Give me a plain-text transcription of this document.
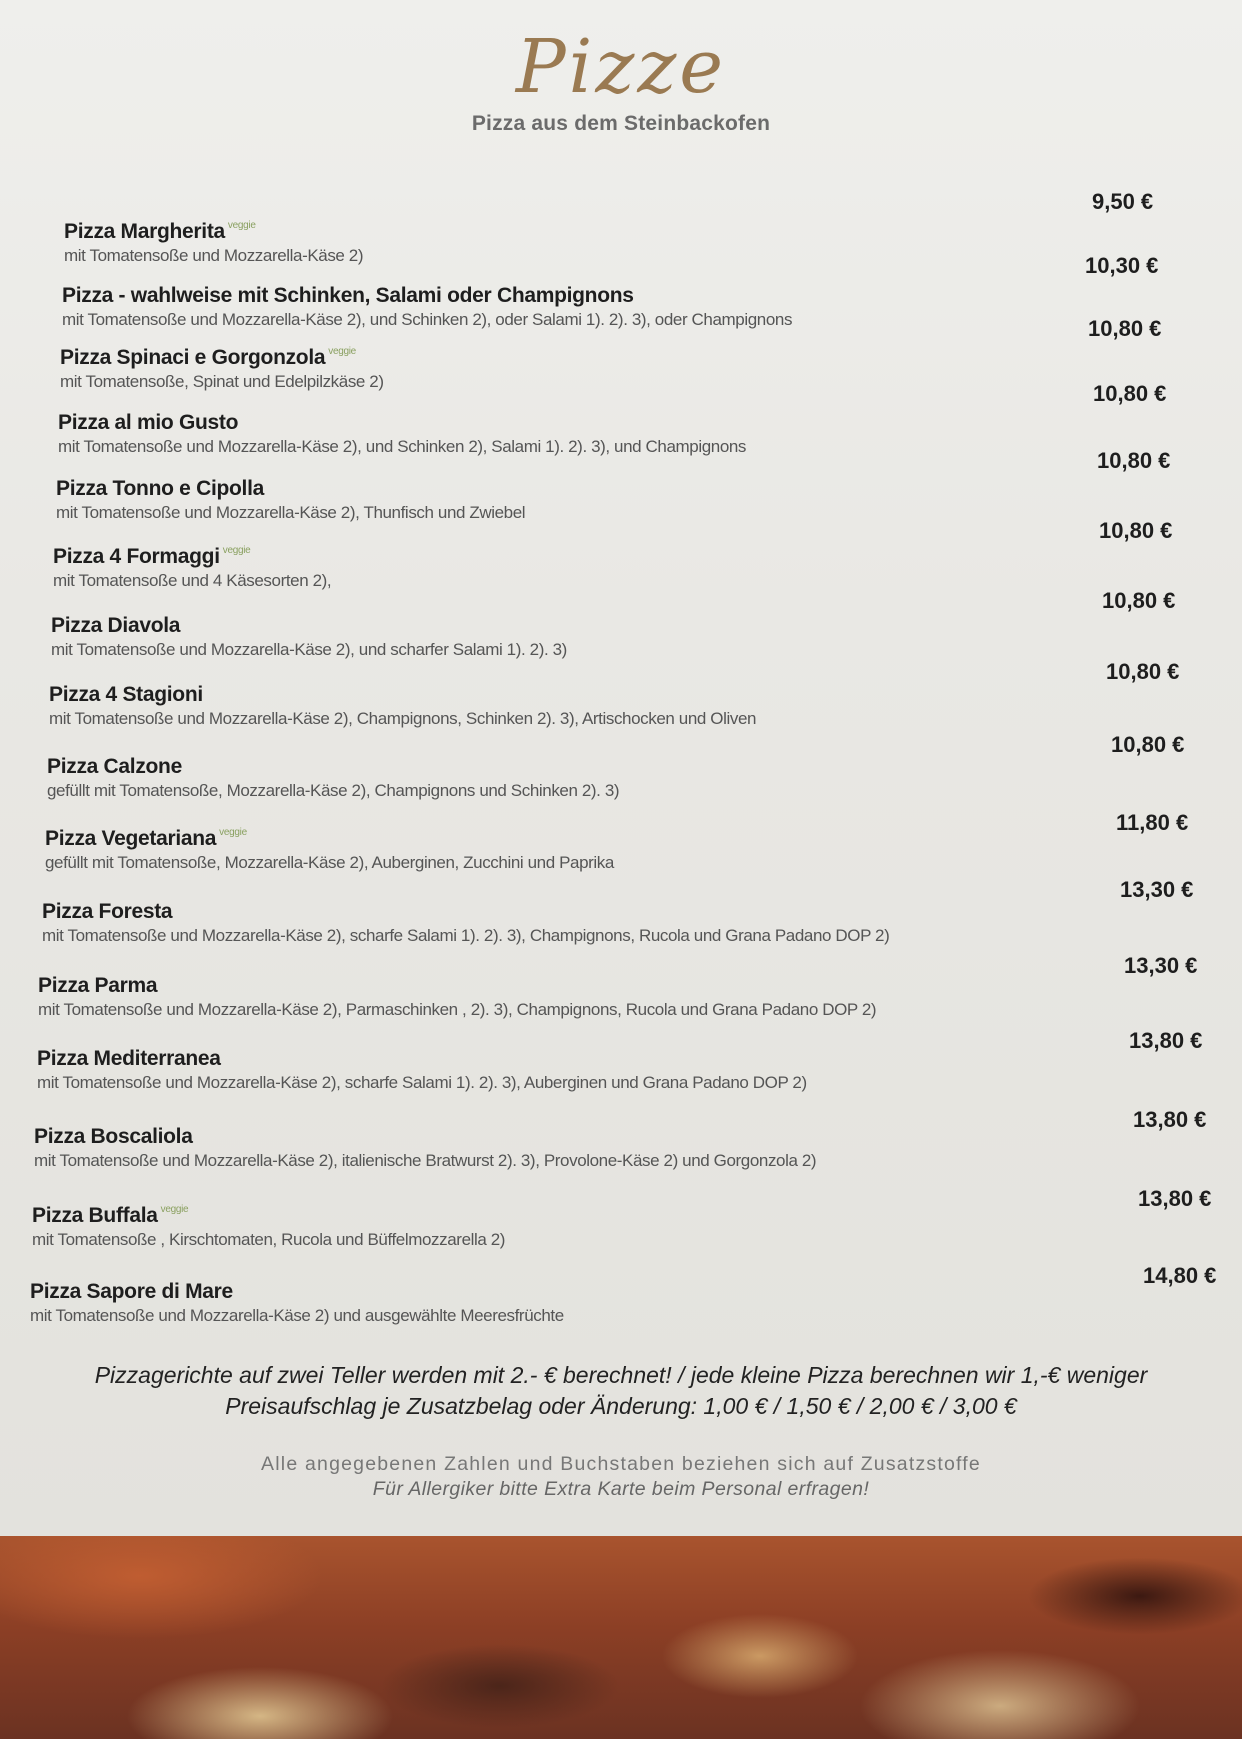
Pizze
Pizza aus dem Steinbackofen
Pizza Margherita $^{veggie}$
mit Tomatensoße und Mozzarella-Käse 2)
9,50 €
Pizza - wahlweise mit Schinken, Salami oder Champignons
mit Tomatensoße und Mozzarella-Käse 2), und Schinken 2), oder Salami 1). 2). 3), oder Champignons
10,30 €
Pizza Spinaci e Gorgonzola $^{veggie}$
mit Tomatensoße, Spinat und Edelpilzkäse 2)
10,80 €
Pizza al mio Gusto
mit Tomatensoße und Mozzarella-Käse 2), und Schinken 2), Salami 1). 2). 3), und Champignons
10,80 €
Pizza Tonno e Cipolla
mit Tomatensoße und Mozzarella-Käse 2), Thunfisch und Zwiebel
10,80 €
Pizza 4 Formaggi $^{veggie}$
mit Tomatensoße und 4 Käsesorten 2),
10,80 €
Pizza Diavola
mit Tomatensoße und Mozzarella-Käse 2), und scharfer Salami 1). 2). 3)
10,80 €
Pizza 4 Stagioni
mit Tomatensoße und Mozzarella-Käse 2), Champignons, Schinken 2). 3), Artischocken und Oliven
10,80 €
Pizza Calzone
gefüllt mit Tomatensoße, Mozzarella-Käse 2), Champignons und Schinken 2). 3)
10,80 €
Pizza Vegetariana $^{veggie}$
gefüllt mit Tomatensoße, Mozzarella-Käse 2), Auberginen, Zucchini und Paprika
11,80 €
Pizza Foresta
mit Tomatensoße und Mozzarella-Käse 2), scharfe Salami 1). 2). 3), Champignons, Rucola und Grana Padano DOP 2)
13,30 €
Pizza Parma
mit Tomatensoße und Mozzarella-Käse 2), Parmaschinken , 2). 3), Champignons, Rucola und Grana Padano DOP 2)
13,30 €
Pizza Mediterranea
mit Tomatensoße und Mozzarella-Käse 2), scharfe Salami 1). 2). 3), Auberginen und Grana Padano DOP 2)
13,80 €
Pizza Boscaliola
mit Tomatensoße und Mozzarella-Käse 2), italienische Bratwurst 2). 3), Provolone-Käse 2) und Gorgonzola 2)
13,80 €
Pizza Buffala $^{veggie}$
mit Tomatensoße , Kirschtomaten, Rucola und Büffelmozzarella 2)
13,80 €
Pizza Sapore di Mare
mit Tomatensoße und Mozzarella-Käse 2) und ausgewählte Meeresfrüchte
14,80 €
Pizzagerichte auf zwei Teller werden mit 2.- € berechnet! / jede kleine Pizza berechnen wir 1,-€ weniger
Preisaufschlag je Zusatzbelag oder Änderung: 1,00 € / 1,50 € / 2,00 € / 3,00 €
Alle angegebenen Zahlen und Buchstaben beziehen sich auf Zusatzstoffe
Für Allergiker bitte Extra Karte beim Personal erfragen!
